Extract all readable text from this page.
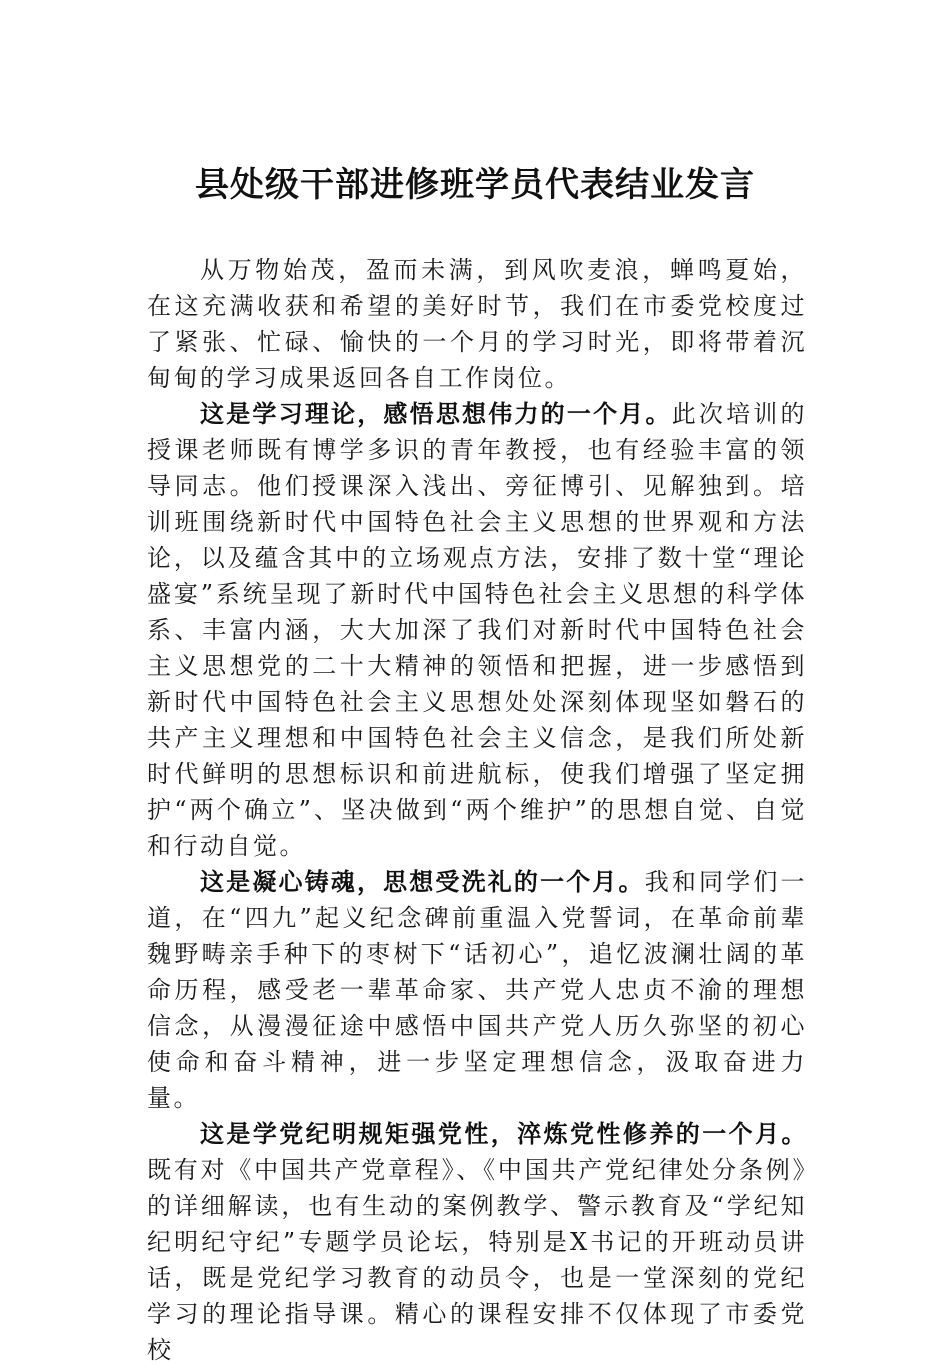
县处级干部进修班学员代表结业发言

从万物始茂，盈而未满，到风吹麦浪，蝉鸣夏始，在这充满收获和希望的美好时节，我们在市委党校度过了紧张、忙碌、愉快的一个月的学习时光，即将带着沉甸甸的学习成果返回各自工作岗位。

这是学习理论，感悟思想伟力的一个月。此次培训的授课老师既有博学多识的青年教授，也有经验丰富的领导同志。他们授课深入浅出、旁征博引、见解独到。培训班围绕新时代中国特色社会主义思想的世界观和方法论，以及蕴含其中的立场观点方法，安排了数十堂“理论盛宴”系统呈现了新时代中国特色社会主义思想的科学体系、丰富内涵，大大加深了我们对新时代中国特色社会主义思想党的二十大精神的领悟和把握，进一步感悟到新时代中国特色社会主义思想处处深刻体现坚如磐石的共产主义理想和中国特色社会主义信念，是我们所处新时代鲜明的思想标识和前进航标，使我们增强了坚定拥护“两个确立”、坚决做到“两个维护”的思想自觉、自觉和行动自觉。

这是凝心铸魂，思想受洗礼的一个月。我和同学们一道，在“四九”起义纪念碑前重温入党誓词，在革命前辈魏野畴亲手种下的枣树下“话初心”，追忆波澜壮阔的革命历程，感受老一辈革命家、共产党人忠贞不渝的理想信念，从漫漫征途中感悟中国共产党人历久弥坚的初心使命和奋斗精神，进一步坚定理想信念，汲取奋进力量。

这是学党纪明规矩强党性，淬炼党性修养的一个月。既有对《中国共产党章程》、《中国共产党纪律处分条例》的详细解读，也有生动的案例教学、警示教育及“学纪知纪明纪守纪”专题学员论坛，特别是X书记的开班动员讲话，既是党纪学习教育的动员令，也是一堂深刻的党纪学习的理论指导课。精心的课程安排不仅体现了市委党校
